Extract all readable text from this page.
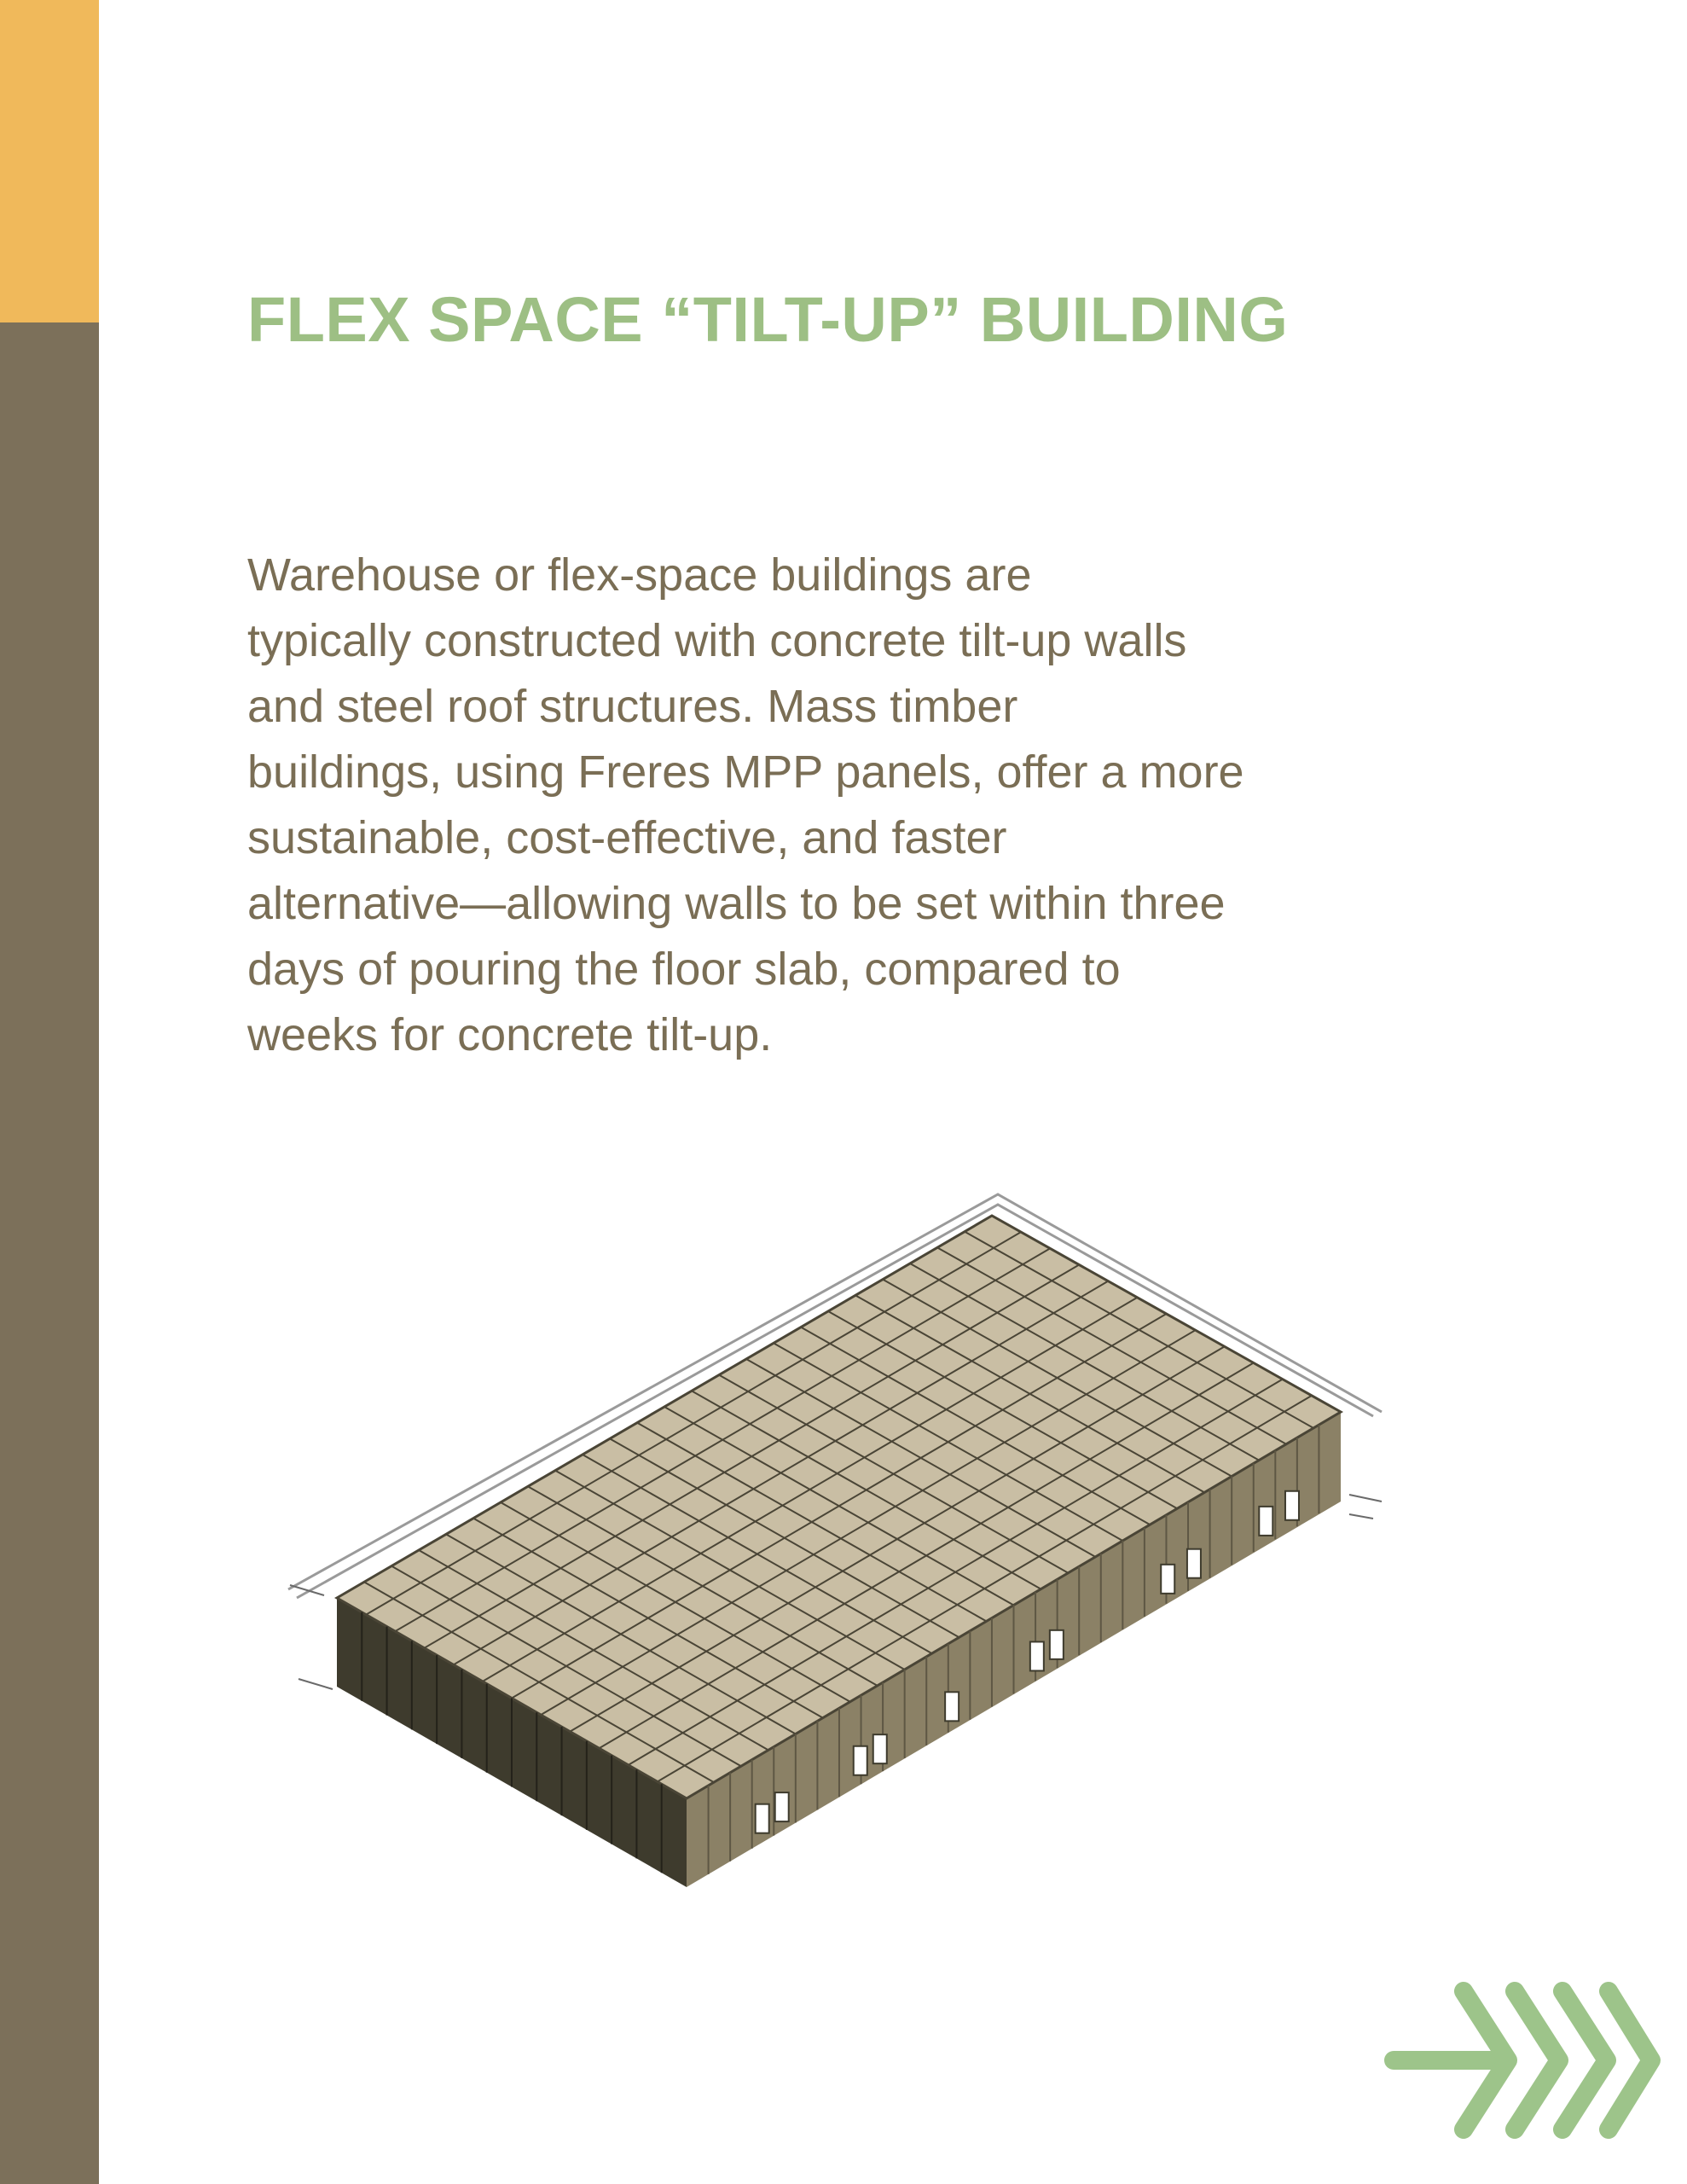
FLEX SPACE “TILT-UP” BUILDING

Warehouse or flex-space buildings are
typically constructed with concrete tilt-up walls
and steel roof structures. Mass timber
buildings, using Freres MPP panels, offer a more
sustainable, cost-effective, and faster
alternative—allowing walls to be set within three
days of pouring the floor slab, compared to
weeks for concrete tilt-up.
